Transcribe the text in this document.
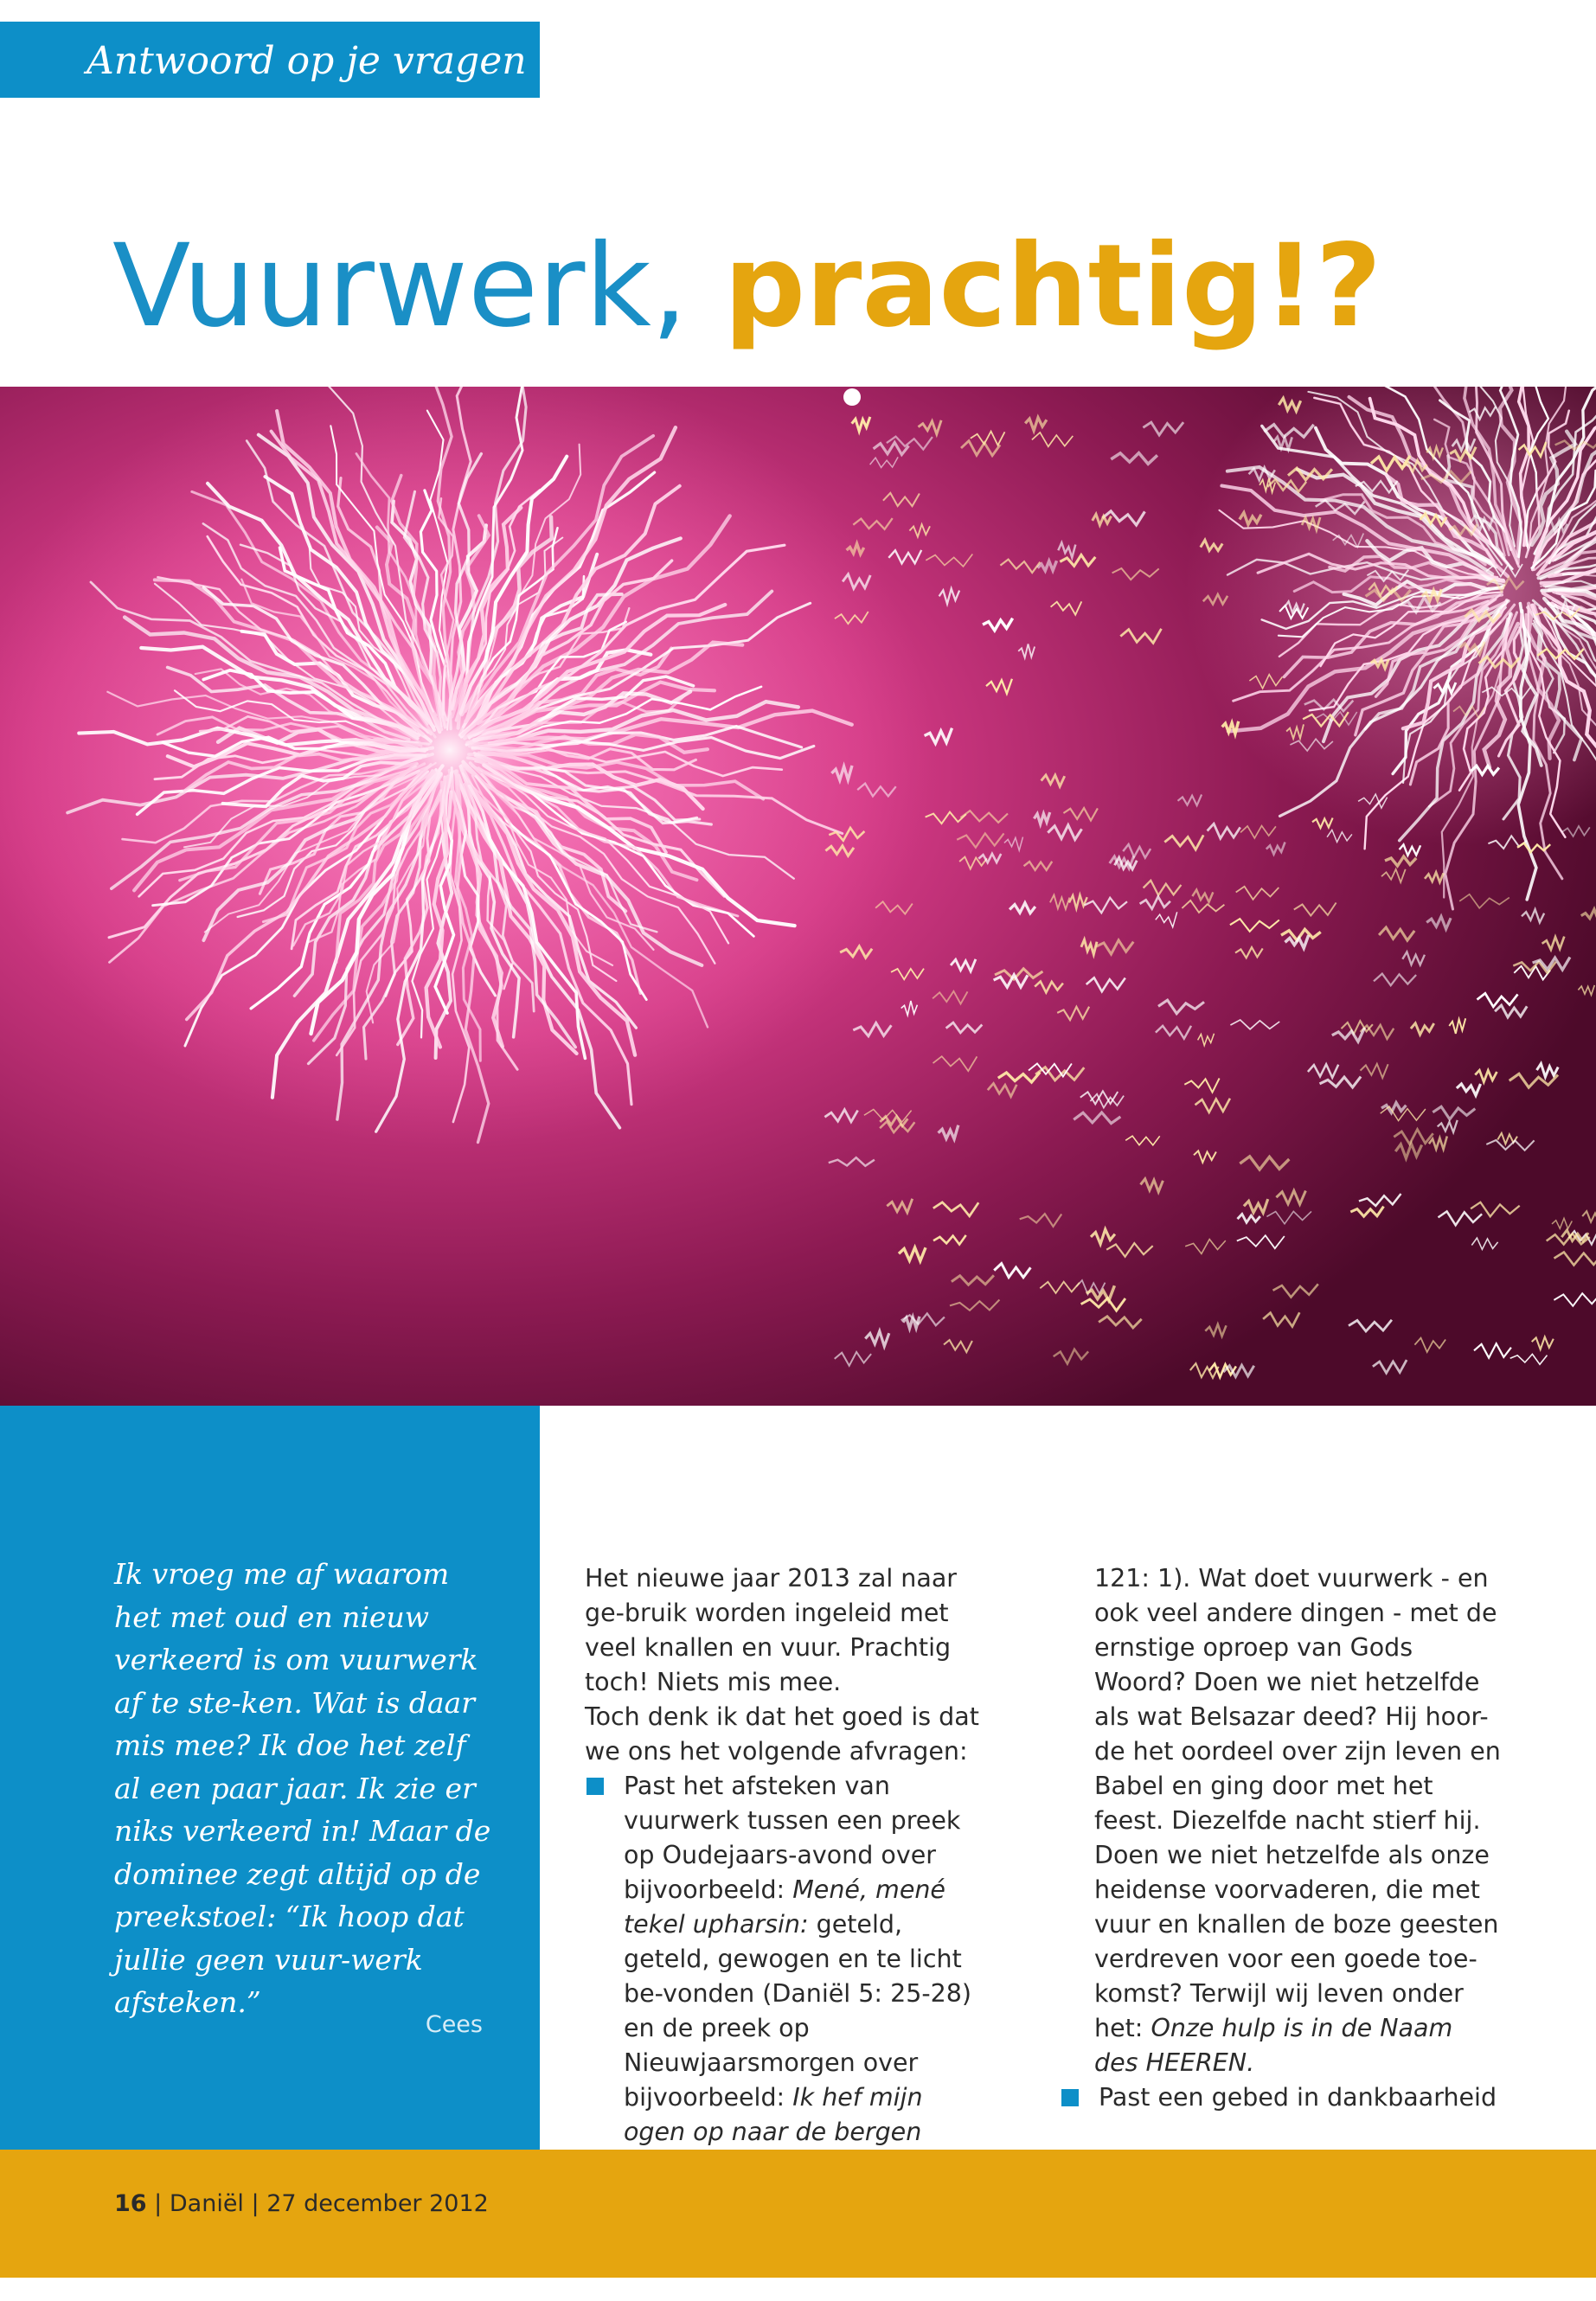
Antwoord op je vragen
Vuurwerk, prachtig!?

Ik vroeg me af waarom het met oud en nieuw verkeerd is om vuurwerk af te ste-ken. Wat is daar mis mee? Ik doe het zelf al een paar jaar. Ik zie er niks verkeerd in! Maar de dominee zegt altijd op de preekstoel: “Ik hoop dat jullie geen vuur-werk afsteken.”

Cees

Het nieuwe jaar 2013 zal naar ge-bruik worden ingeleid met veel knallen en vuur. Prachtig toch! Niets mis mee.

Toch denk ik dat het goed is dat we ons het volgende afvragen:

Past het afsteken van vuurwerk tussen een preek op Oudejaars-avond over bijvoorbeeld: Mené, mené tekel upharsin: geteld, geteld, gewogen en te licht be-vonden (Daniël 5: 25-28) en de preek op Nieuwjaarsmorgen over bijvoorbeeld: Ik hef mijn ogen op naar de bergen

121: 1). Wat doet vuurwerk - en ook veel andere dingen - met de ernstige oproep van Gods Woord? Doen we niet hetzelfde als wat Belsazar deed? Hij hoor-de het oordeel over zijn leven en Babel en ging door met het feest. Diezelfde nacht stierf hij. Doen we niet hetzelfde als onze heidense voorvaderen, die met vuur en knallen de boze geesten verdreven voor een goede toe-komst? Terwijl wij leven onder het: Onze hulp is in de Naam des HEEREN.

Past een gebed in dankbaarheid

16 | Daniël | 27 december 2012
